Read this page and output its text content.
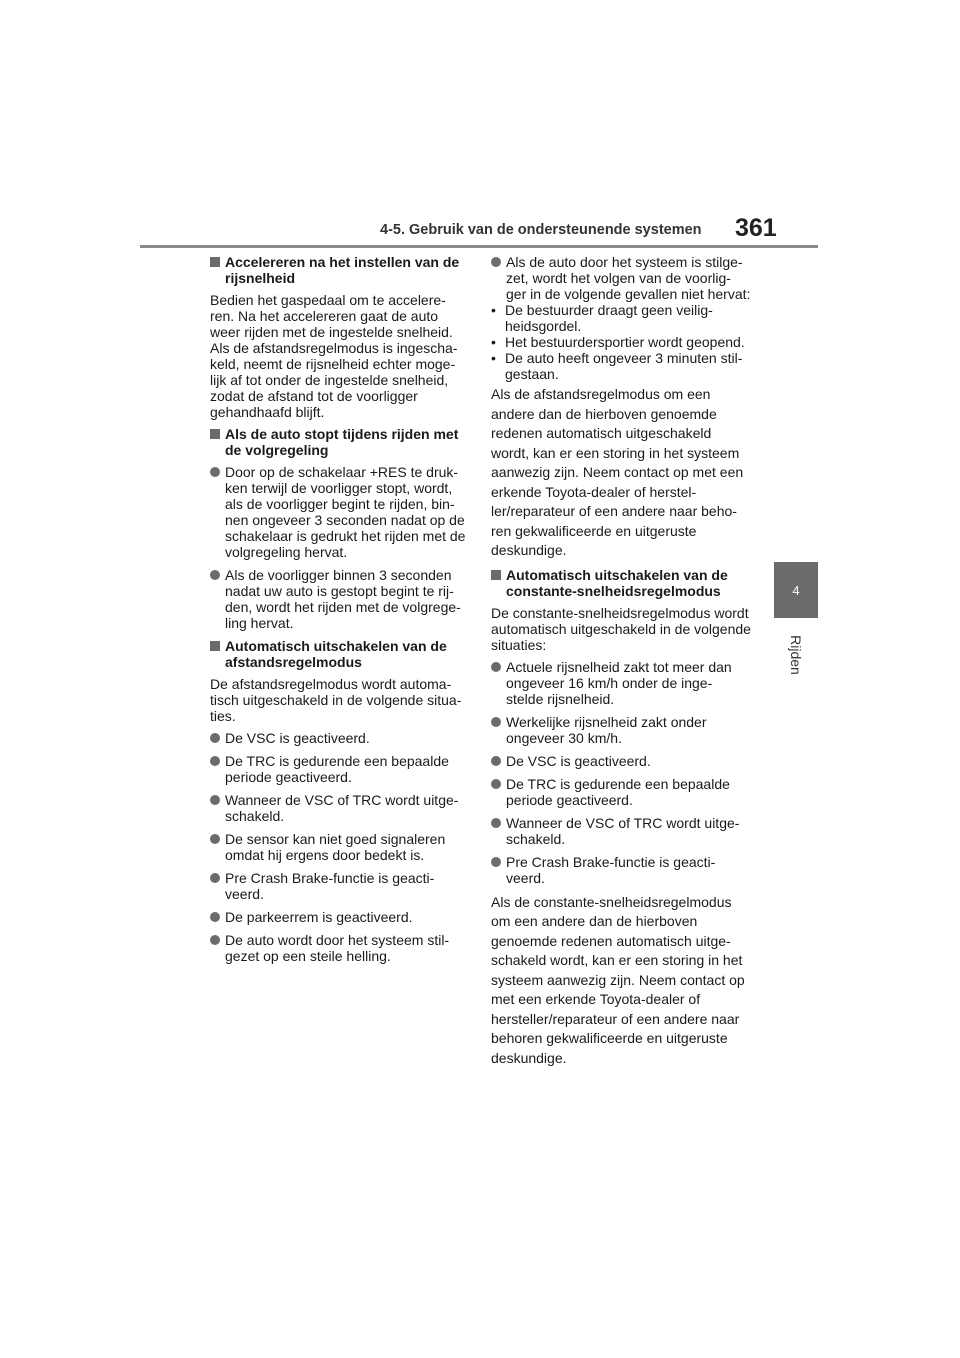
4-5. Gebruik van de ondersteunende systemen 361
4
Rijden
Accelereren na het instellen van de rijsnelheid
Bedien het gaspedaal om te accelere- ren. Na het accelereren gaat de auto weer rijden met de ingestelde snelheid. Als de afstandsregelmodus is ingescha- keld, neemt de rijsnelheid echter moge- lijk af tot onder de ingestelde snelheid, zodat de afstand tot de voorligger gehandhaafd blijft.
Als de auto stopt tijdens rijden met de volgregeling
Door op de schakelaar +RES te druk- ken terwijl de voorligger stopt, wordt, als de voorligger begint te rijden, bin- nen ongeveer 3 seconden nadat op de schakelaar is gedrukt het rijden met de volgregeling hervat.
Als de voorligger binnen 3 seconden nadat uw auto is gestopt begint te rij- den, wordt het rijden met de volgrege- ling hervat.
Automatisch uitschakelen van de afstandsregelmodus
De afstandsregelmodus wordt automa- tisch uitgeschakeld in de volgende situa- ties.
De VSC is geactiveerd.
De TRC is gedurende een bepaalde periode geactiveerd.
Wanneer de VSC of TRC wordt uitge- schakeld.
De sensor kan niet goed signaleren omdat hij ergens door bedekt is.
Pre Crash Brake-functie is geacti- veerd.
De parkeerrem is geactiveerd.
De auto wordt door het systeem stil- gezet op een steile helling.
Als de auto door het systeem is stilge- zet, wordt het volgen van de voorlig- ger in de volgende gevallen niet hervat:
• De bestuurder draagt geen veilig- heidsgordel.
• Het bestuurdersportier wordt geopend.
• De auto heeft ongeveer 3 minuten stil- gestaan.
Als de afstandsregelmodus om een andere dan de hierboven genoemde redenen automatisch uitgeschakeld wordt, kan er een storing in het systeem aanwezig zijn. Neem contact op met een erkende Toyota-dealer of herstel- ler/reparateur of een andere naar beho- ren gekwalificeerde en uitgeruste deskundige.
Automatisch uitschakelen van de constante-snelheidsregelmodus
De constante-snelheidsregelmodus wordt automatisch uitgeschakeld in de volgende situaties:
Actuele rijsnelheid zakt tot meer dan ongeveer 16 km/h onder de inge- stelde rijsnelheid.
Werkelijke rijsnelheid zakt onder ongeveer 30 km/h.
De VSC is geactiveerd.
De TRC is gedurende een bepaalde periode geactiveerd.
Wanneer de VSC of TRC wordt uitge- schakeld.
Pre Crash Brake-functie is geacti- veerd.
Als de constante-snelheidsregelmodus om een andere dan de hierboven genoemde redenen automatisch uitge- schakeld wordt, kan er een storing in het systeem aanwezig zijn. Neem contact op met een erkende Toyota-dealer of hersteller/reparateur of een andere naar behoren gekwalificeerde en uitgeruste deskundige.
